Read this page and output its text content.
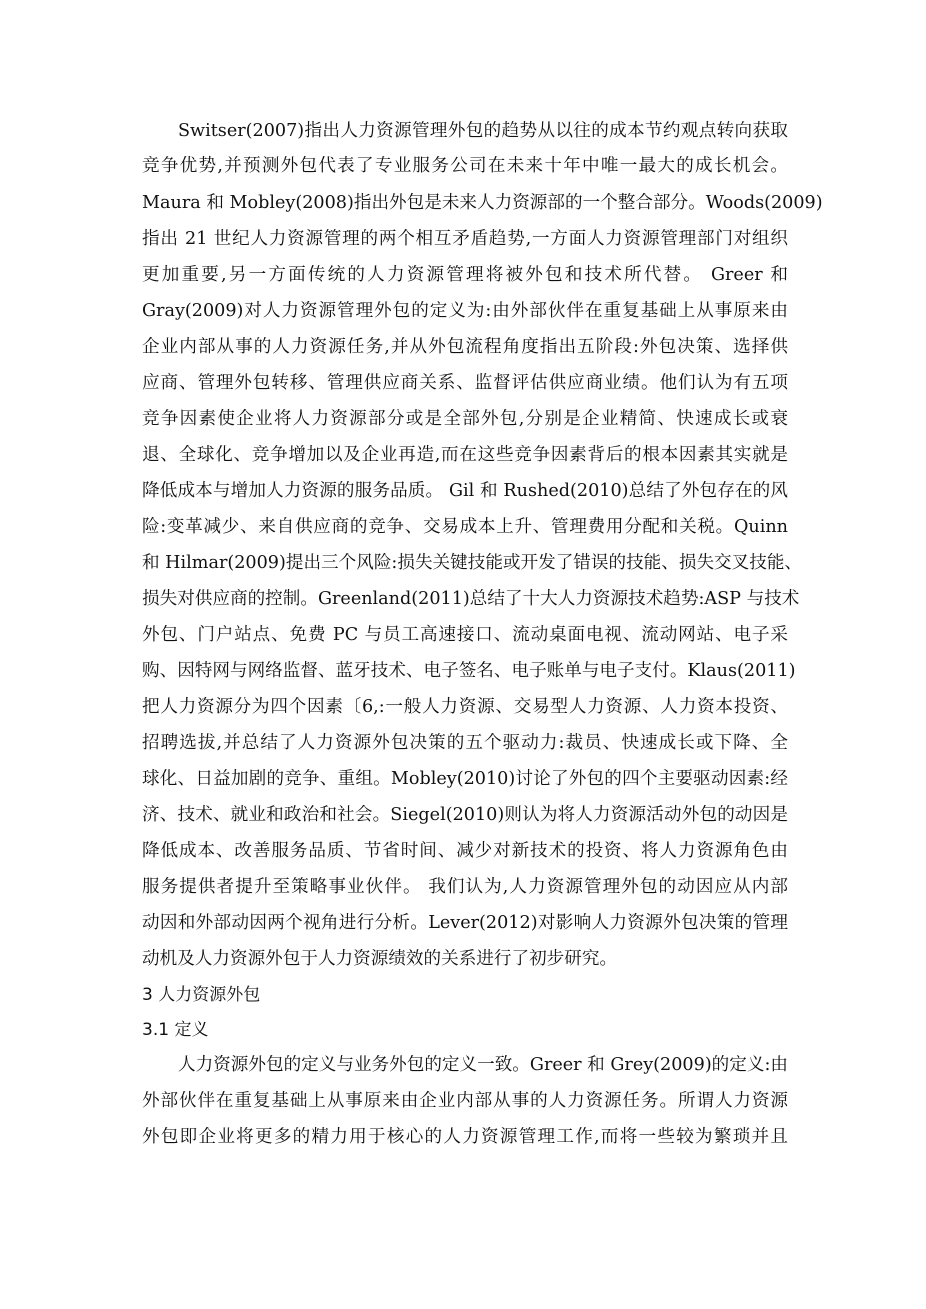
Switser(2007)指出人力资源管理外包的趋势从以往的成本节约观点转向获取
竞争优势,并预测外包代表了专业服务公司在未来十年中唯一最大的成长机会。
Maura 和 Mobley(2008)指出外包是未来人力资源部的一个整合部分。Woods(2009)
指出 21 世纪人力资源管理的两个相互矛盾趋势,一方面人力资源管理部门对组织
更加重要,另一方面传统的人力资源管理将被外包和技术所代替。 Greer 和
Gray(2009)对人力资源管理外包的定义为:由外部伙伴在重复基础上从事原来由
企业内部从事的人力资源任务,并从外包流程角度指出五阶段:外包决策、选择供
应商、管理外包转移、管理供应商关系、监督评估供应商业绩。他们认为有五项
竞争因素使企业将人力资源部分或是全部外包,分别是企业精简、快速成长或衰
退、全球化、竞争增加以及企业再造,而在这些竞争因素背后的根本因素其实就是
降低成本与增加人力资源的服务品质。 Gil 和 Rushed(2010)总结了外包存在的风
险:变革减少、来自供应商的竞争、交易成本上升、管理费用分配和关税。Quinn
和 Hilmar(2009)提出三个风险:损失关键技能或开发了错误的技能、损失交叉技能、
损失对供应商的控制。Greenland(2011)总结了十大人力资源技术趋势:ASP 与技术
外包、门户站点、免费 PC 与员工高速接口、流动桌面电视、流动网站、电子采
购、因特网与网络监督、蓝牙技术、电子签名、电子账单与电子支付。Klaus(2011)
把人力资源分为四个因素〔6,:一般人力资源、交易型人力资源、人力资本投资、
招聘选拔,并总结了人力资源外包决策的五个驱动力:裁员、快速成长或下降、全
球化、日益加剧的竞争、重组。Mobley(2010)讨论了外包的四个主要驱动因素:经
济、技术、就业和政治和社会。Siegel(2010)则认为将人力资源活动外包的动因是
降低成本、改善服务品质、节省时间、减少对新技术的投资、将人力资源角色由
服务提供者提升至策略事业伙伴。 我们认为,人力资源管理外包的动因应从内部
动因和外部动因两个视角进行分析。Lever(2012)对影响人力资源外包决策的管理
动机及人力资源外包于人力资源绩效的关系进行了初步研究。
3 人力资源外包
3.1 定义
人力资源外包的定义与业务外包的定义一致。Greer 和 Grey(2009)的定义:由
外部伙伴在重复基础上从事原来由企业内部从事的人力资源任务。所谓人力资源
外包即企业将更多的精力用于核心的人力资源管理工作,而将一些较为繁琐并且
